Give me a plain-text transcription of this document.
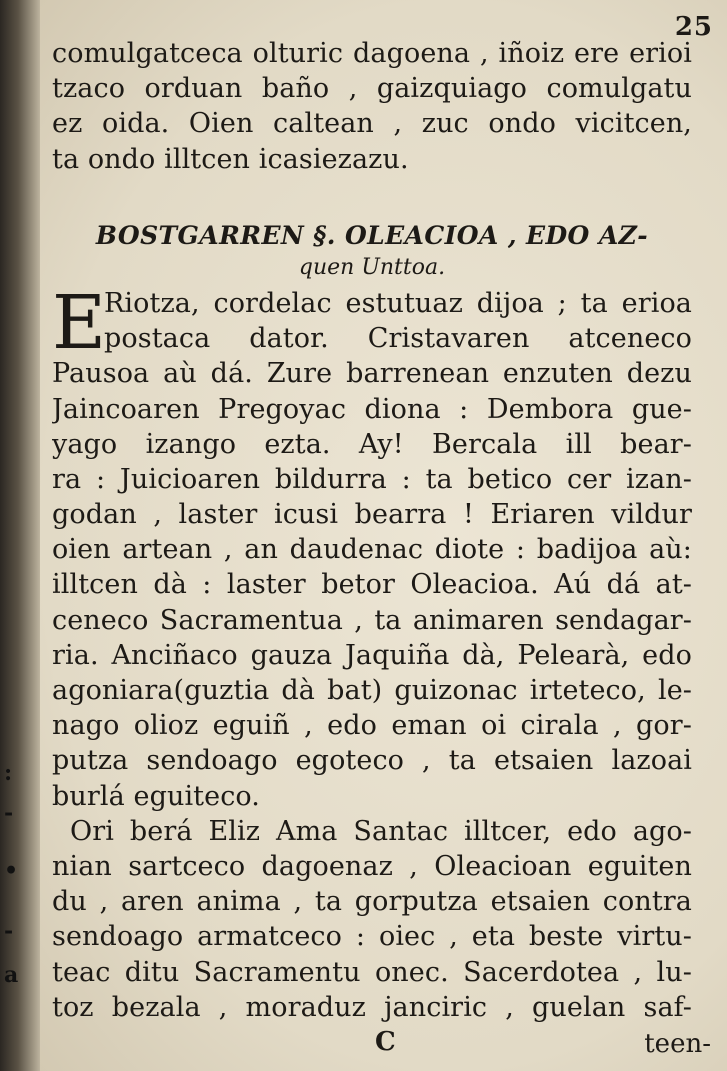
:
-
•
-
a
25
comulgatceca olturic dagoena , iñoiz ere erioi
tzaco orduan baño , gaizquiago comulgatu
ez oida. Oien caltean , zuc ondo vicitcen,
ta ondo illtcen icasiezazu.
BOSTGARREN §. OLEACIOA , EDO AZ-
quen Unttoa.
E
Riotza, cordelac estutuaz dijoa ; ta erioa
postaca dator. Cristavaren atceneco
Pausoa aù dá. Zure barrenean enzuten dezu
Jaincoaren Pregoyac diona : Dembora gue-
yago izango ezta. Ay! Bercala ill bear-
ra : Juicioaren bildurra : ta betico cer izan-
godan , laster icusi bearra ! Eriaren vildur
oien artean , an daudenac diote : badijoa aù:
illtcen dà : laster betor Oleacioa. Aú dá at-
ceneco Sacramentua , ta animaren sendagar-
ria. Anciñaco gauza Jaquiña dà, Pelearà, edo
agoniara(guztia dà bat) guizonac irteteco, le-
nago olioz eguiñ , edo eman oi cirala , gor-
putza sendoago egoteco , ta etsaien lazoai
burlá eguiteco.
Ori berá Eliz Ama Santac illtcer, edo ago-
nian sartceco dagoenaz , Oleacioan eguiten
du , aren anima , ta gorputza etsaien contra
sendoago armatceco : oiec , eta beste virtu-
teac ditu Sacramentu onec. Sacerdotea , lu-
toz bezala , moraduz janciric , guelan saf-
C	teen-
